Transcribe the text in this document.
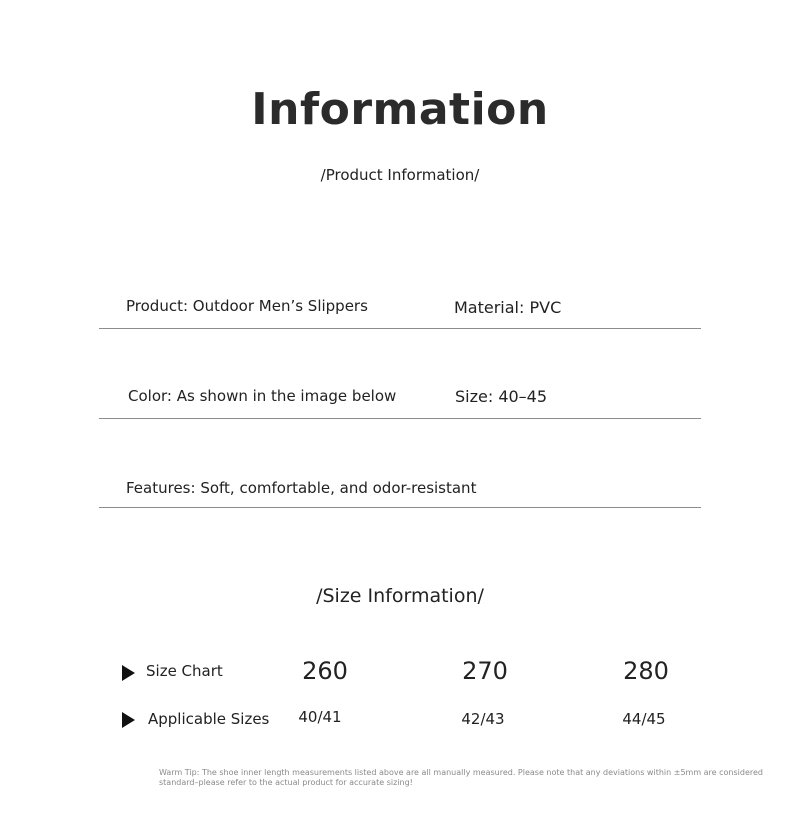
Information
/Product Information/
Product: Outdoor Men’s Slippers	Material: PVC
Color: As shown in the image below	Size: 40–45
Features: Soft, comfortable, and odor-resistant
/Size Information/
Size Chart	260	270	280
Applicable Sizes	40/41	42/43	44/45
Warm Tip: The shoe inner length measurements listed above are all manually measured. Please note that any deviations within ±5mm are considered standard–please refer to the actual product for accurate sizing!
